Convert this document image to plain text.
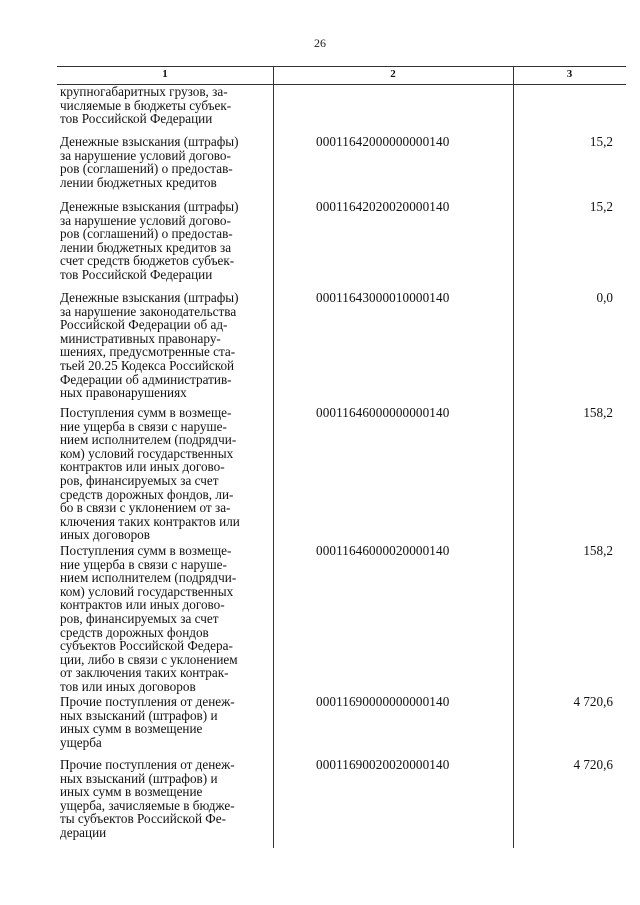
26
1	2	3
крупногабаритных грузов, за-
числяемые в бюджеты субъек-
тов Российской Федерации
Денежные взыскания (штрафы)
за нарушение условий догово-
ров (соглашений) о предостав-
лении бюджетных кредитов
00011642000000000140	15,2
Денежные взыскания (штрафы)
за нарушение условий догово-
ров (соглашений) о предостав-
лении бюджетных кредитов за
счет средств бюджетов субъек-
тов Российской Федерации
00011642020020000140	15,2
Денежные взыскания (штрафы)
за нарушение законодательства
Российской Федерации об ад-
министративных правонару-
шениях, предусмотренные ста-
тьей 20.25 Кодекса Российской
Федерации об административ-
ных правонарушениях
00011643000010000140	0,0
Поступления сумм в возмеще-
ние ущерба в связи с наруше-
нием исполнителем (подрядчи-
ком) условий государственных
контрактов или иных догово-
ров, финансируемых за счет
средств дорожных фондов, ли-
бо в связи с уклонением от за-
ключения таких контрактов или
иных договоров
00011646000000000140	158,2
Поступления сумм в возмеще-
ние ущерба в связи с наруше-
нием исполнителем (подрядчи-
ком) условий государственных
контрактов или иных догово-
ров, финансируемых за счет
средств дорожных фондов
субъектов Российской Федера-
ции, либо в связи с уклонением
от заключения таких контрак-
тов или иных договоров
00011646000020000140	158,2
Прочие поступления от денеж-
ных взысканий (штрафов) и
иных сумм в возмещение
ущерба
00011690000000000140	4 720,6
Прочие поступления от денеж-
ных взысканий (штрафов) и
иных сумм в возмещение
ущерба, зачисляемые в бюдже-
ты субъектов Российской Фе-
дерации
00011690020020000140	4 720,6
